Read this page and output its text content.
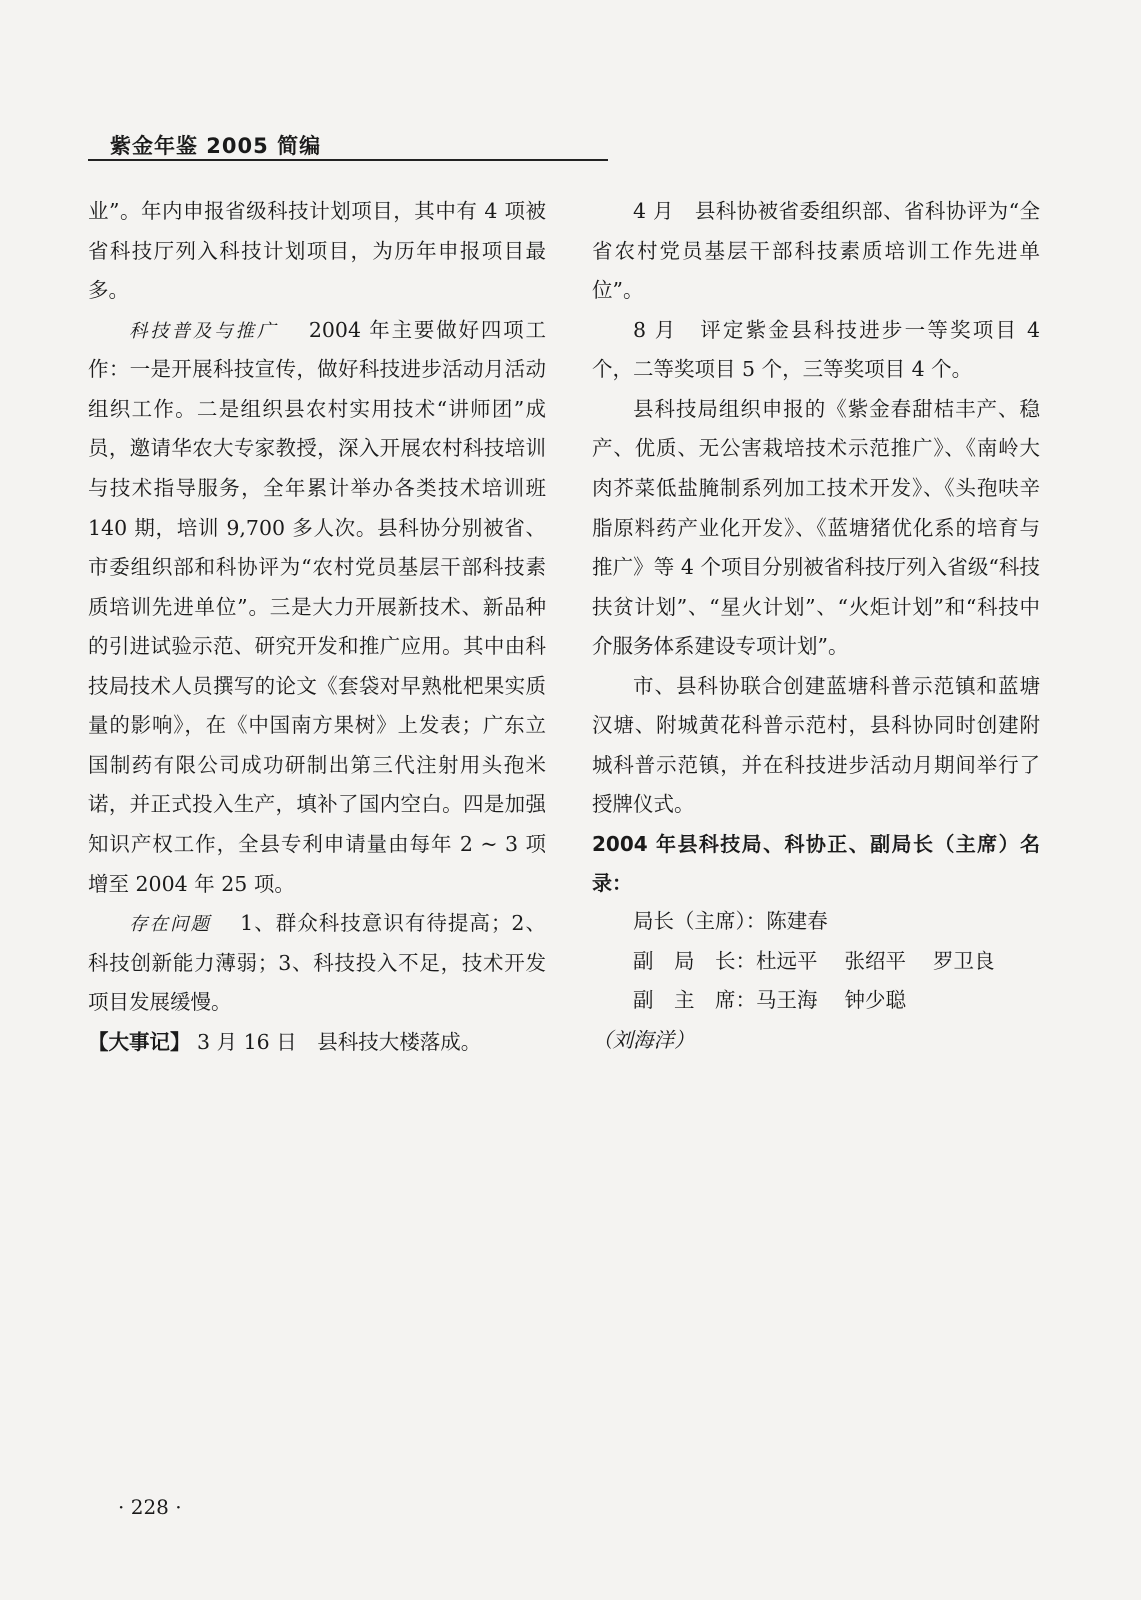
紫金年鉴 2005 简编

业”。年内申报省级科技计划项目，其中有 4 项被省科技厅列入科技计划项目，为历年申报项目最多。

科技普及与推广　 2004 年主要做好四项工作：一是开展科技宣传，做好科技进步活动月活动组织工作。二是组织县农村实用技术“讲师团”成员，邀请华农大专家教授，深入开展农村科技培训与技术指导服务，全年累计举办各类技术培训班 140 期，培训 9,700 多人次。县科协分别被省、市委组织部和科协评为“农村党员基层干部科技素质培训先进单位”。三是大力开展新技术、新品种的引进试验示范、研究开发和推广应用。其中由科技局技术人员撰写的论文《套袋对早熟枇杷果实质量的影响》，在《中国南方果树》上发表；广东立国制药有限公司成功研制出第三代注射用头孢米诺，并正式投入生产，填补了国内空白。四是加强知识产权工作，全县专利申请量由每年 2 ~ 3 项增至 2004 年 25 项。

存在问题　 1、群众科技意识有待提高；2、科技创新能力薄弱；3、科技投入不足，技术开发项目发展缓慢。

【大事记】 3 月 16 日　县科技大楼落成。

4 月　县科协被省委组织部、省科协评为“全省农村党员基层干部科技素质培训工作先进单位”。

8 月　评定紫金县科技进步一等奖项目 4 个，二等奖项目 5 个，三等奖项目 4 个。

县科技局组织申报的《紫金春甜桔丰产、稳产、优质、无公害栽培技术示范推广》、《南岭大肉芥菜低盐腌制系列加工技术开发》、《头孢呋辛脂原料药产业化开发》、《蓝塘猪优化系的培育与推广》等 4 个项目分别被省科技厅列入省级“科技扶贫计划”、“星火计划”、“火炬计划”和“科技中介服务体系建设专项计划”。

市、县科协联合创建蓝塘科普示范镇和蓝塘汉塘、附城黄花科普示范村，县科协同时创建附城科普示范镇，并在科技进步活动月期间举行了授牌仪式。

2004 年县科技局、科协正、副局长（主席）名录：

局长（主席）：陈建春

副　局　长：杜远平　 张绍平　 罗卫良

副　主　席：马王海　 钟少聪

（刘海洋）

· 228 ·
